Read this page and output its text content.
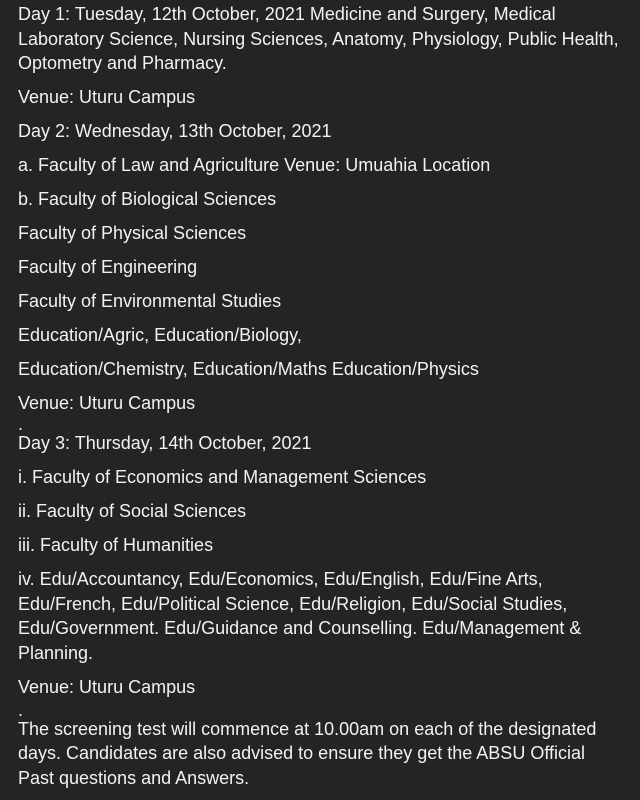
Day 1: Tuesday, 12th October, 2021 Medicine and Surgery, Medical Laboratory Science, Nursing Sciences, Anatomy, Physiology, Public Health, Optometry and Pharmacy.

Venue: Uturu Campus

Day 2: Wednesday, 13th October, 2021

a. Faculty of Law and Agriculture Venue: Umuahia Location

b. Faculty of Biological Sciences

Faculty of Physical Sciences

Faculty of Engineering

Faculty of Environmental Studies

Education/Agric, Education/Biology,

Education/Chemistry, Education/Maths Education/Physics

Venue: Uturu Campus

.

Day 3: Thursday, 14th October, 2021

i. Faculty of Economics and Management Sciences

ii. Faculty of Social Sciences

iii. Faculty of Humanities

iv. Edu/Accountancy, Edu/Economics, Edu/English, Edu/Fine Arts, Edu/French, Edu/Political Science, Edu/Religion, Edu/Social Studies, Edu/Government. Edu/Guidance and Counselling. Edu/Management & Planning.

Venue: Uturu Campus

.

The screening test will commence at 10.00am on each of the designated days. Candidates are also advised to ensure they get the ABSU Official Past questions and Answers.
